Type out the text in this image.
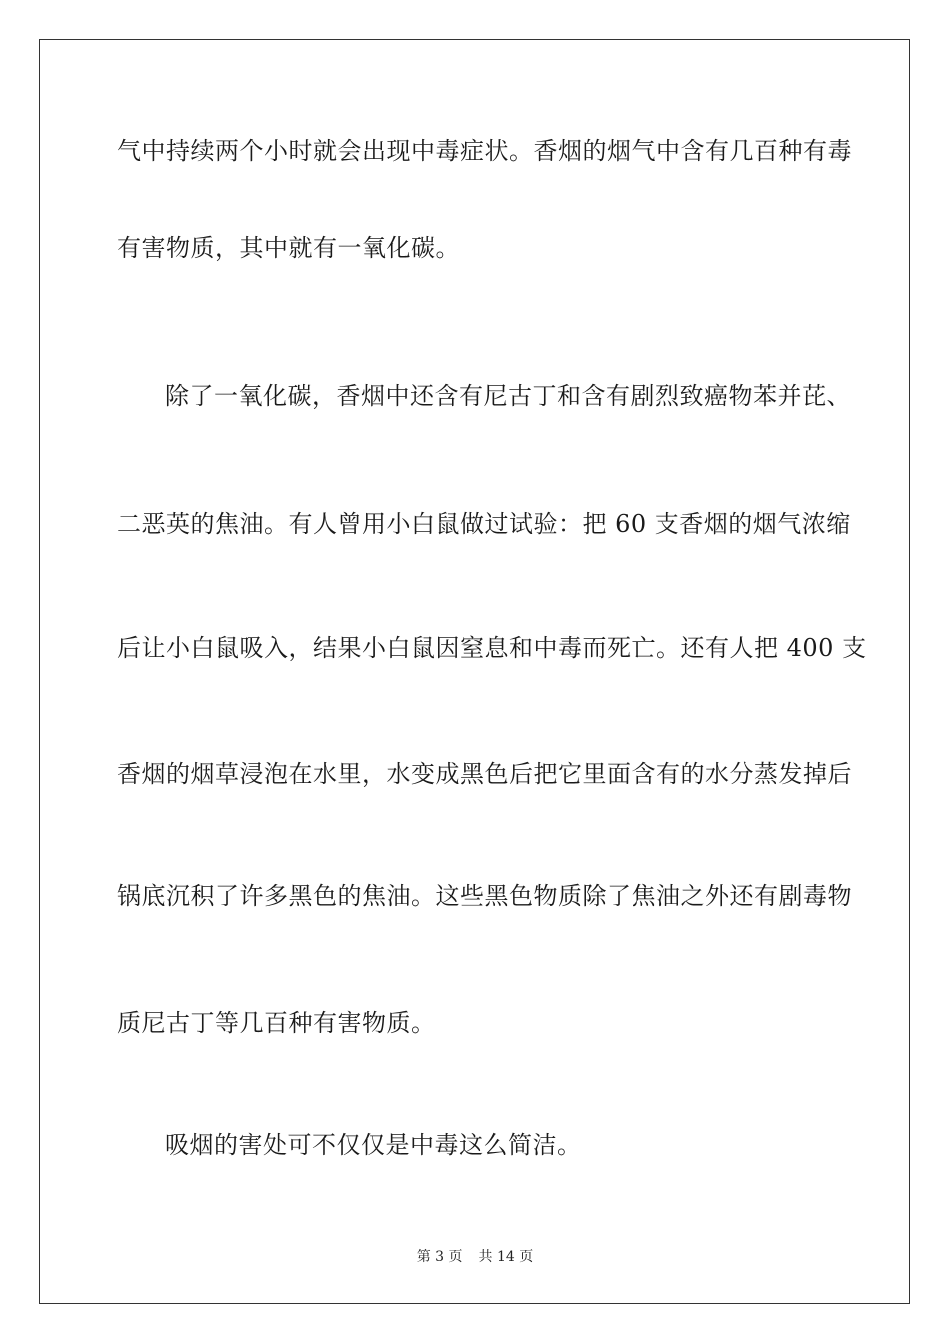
气中持续两个小时就会出现中毒症状。香烟的烟气中含有几百种有毒
有害物质，其中就有一氧化碳。
除了一氧化碳，香烟中还含有尼古丁和含有剧烈致癌物苯并芘、
二恶英的焦油。有人曾用小白鼠做过试验：把 60 支香烟的烟气浓缩
后让小白鼠吸入，结果小白鼠因窒息和中毒而死亡。还有人把 400 支
香烟的烟草浸泡在水里，水变成黑色后把它里面含有的水分蒸发掉后
锅底沉积了许多黑色的焦油。这些黑色物质除了焦油之外还有剧毒物
质尼古丁等几百种有害物质。
吸烟的害处可不仅仅是中毒这么简洁。
第 3 页 共 14 页
